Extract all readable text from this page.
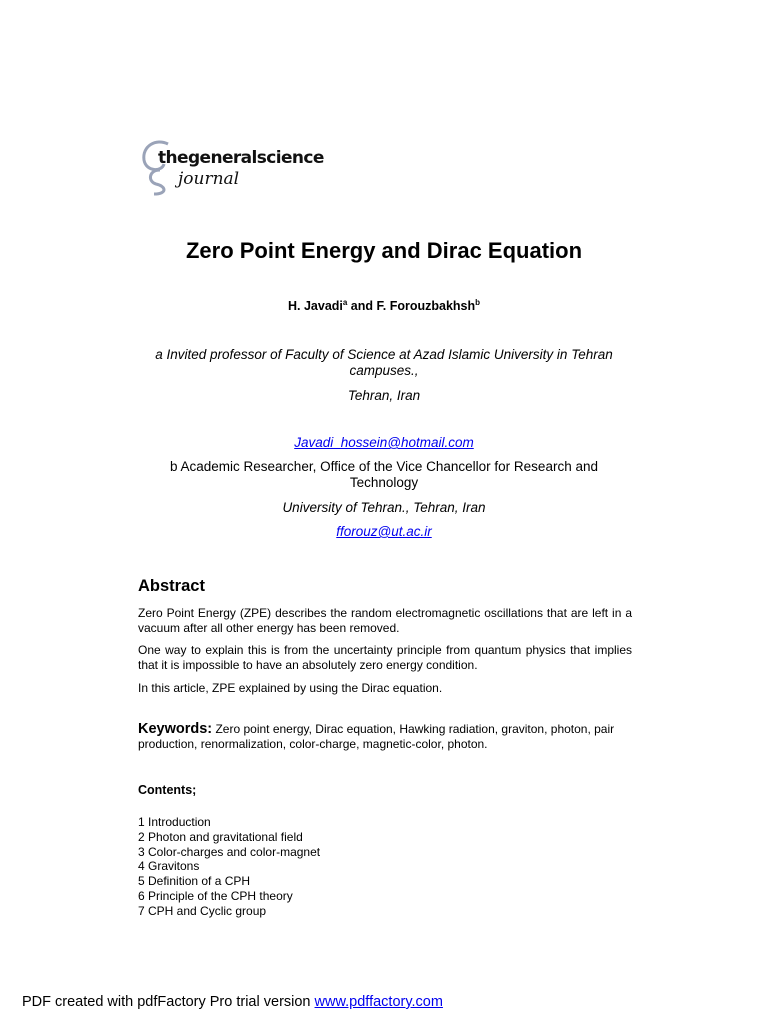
thegeneralscience
journal
Zero Point Energy and Dirac Equation
H. Javadi$^a$ and F. Forouzbakhsh$^b$
a Invited professor of Faculty of Science at Azad Islamic University in Tehran campuses.,
Tehran, Iran
Javadi_hossein@hotmail.com
b Academic Researcher, Office of the Vice Chancellor for Research and Technology
University of Tehran., Tehran, Iran
fforouz@ut.ac.ir
Abstract
Zero Point Energy (ZPE) describes the random electromagnetic oscillations that are left in a vacuum after all other energy has been removed.
One way to explain this is from the uncertainty principle from quantum physics that implies that it is impossible to have an absolutely zero energy condition.
In this article, ZPE explained by using the Dirac equation.
Keywords: Zero point energy, Dirac equation, Hawking radiation, graviton, photon, pair production, renormalization, color-charge, magnetic-color, photon.
Contents;
1 Introduction
2 Photon and gravitational field
3 Color-charges and color-magnet
4 Gravitons
5 Definition of a CPH
6 Principle of the CPH theory
7 CPH and Cyclic group
PDF created with pdfFactory Pro trial version www.pdffactory.com
